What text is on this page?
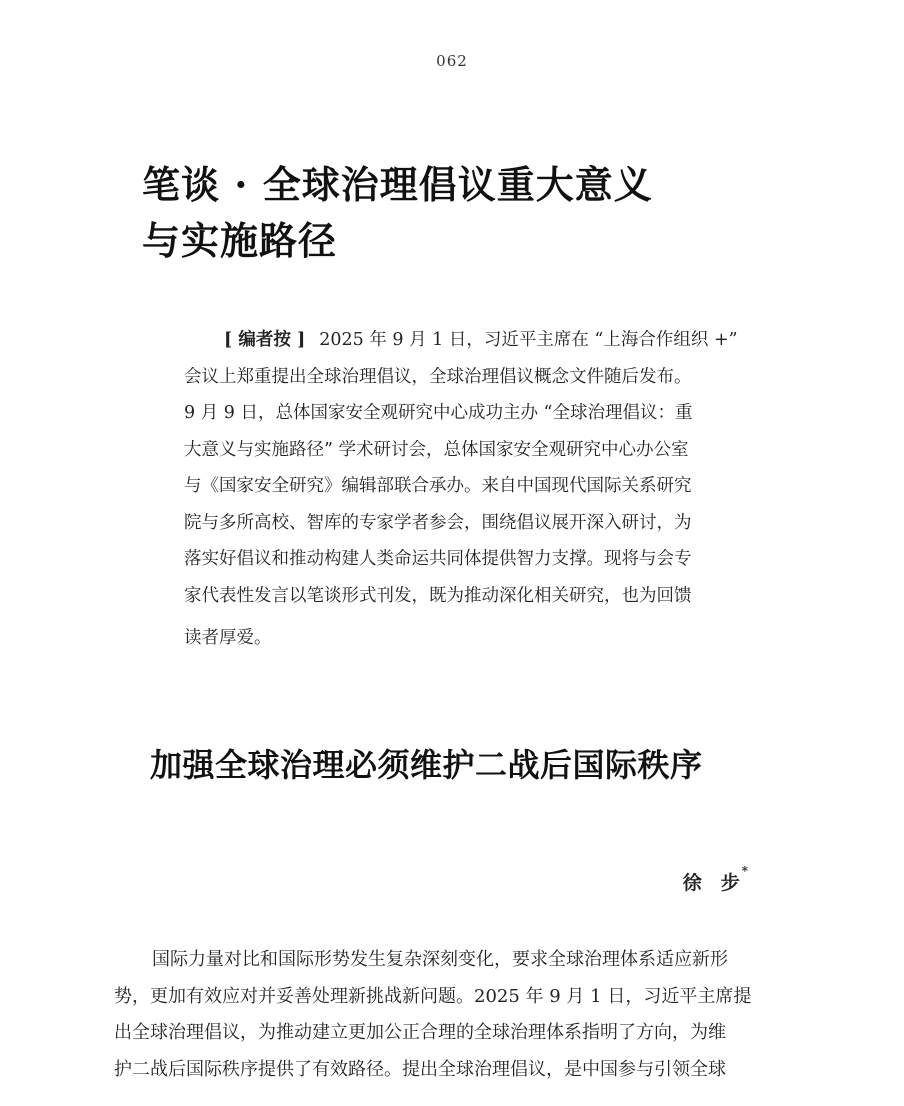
062
笔谈 · 全球治理倡议重大意义
与实施路径
[ 编者按 ] 2025 年 9 月 1 日，习近平主席在 “上海合作组织 +”
会议上郑重提出全球治理倡议，全球治理倡议概念文件随后发布。
9 月 9 日，总体国家安全观研究中心成功主办 “全球治理倡议：重
大意义与实施路径” 学术研讨会，总体国家安全观研究中心办公室
与《国家安全研究》编辑部联合承办。来自中国现代国际关系研究
院与多所高校、智库的专家学者参会，围绕倡议展开深入研讨，为
落实好倡议和推动构建人类命运共同体提供智力支撑。现将与会专
家代表性发言以笔谈形式刊发，既为推动深化相关研究，也为回馈
读者厚爱。
加强全球治理必须维护二战后国际秩序
徐　步*
国际力量对比和国际形势发生复杂深刻变化，要求全球治理体系适应新形
势，更加有效应对并妥善处理新挑战新问题。2025 年 9 月 1 日，习近平主席提
出全球治理倡议，为推动建立更加公正合理的全球治理体系指明了方向，为维
护二战后国际秩序提供了有效路径。提出全球治理倡议，是中国参与引领全球
